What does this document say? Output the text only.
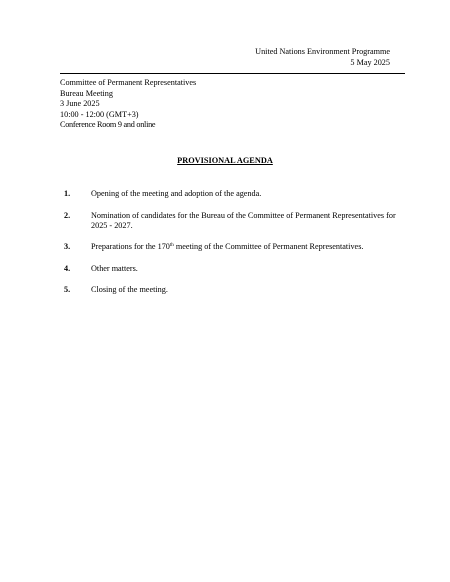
United Nations Environment Programme
5 May 2025
Committee of Permanent Representatives
Bureau Meeting
3 June 2025
10:00 - 12:00 (GMT+3)
Conference Room 9 and online
PROVISIONAL AGENDA
1.	Opening of the meeting and adoption of the agenda.
2.	Nomination of candidates for the Bureau of the Committee of Permanent Representatives for 2025 - 2027.
3.	Preparations for the 170th meeting of the Committee of Permanent Representatives.
4.	Other matters.
5.	Closing of the meeting.
